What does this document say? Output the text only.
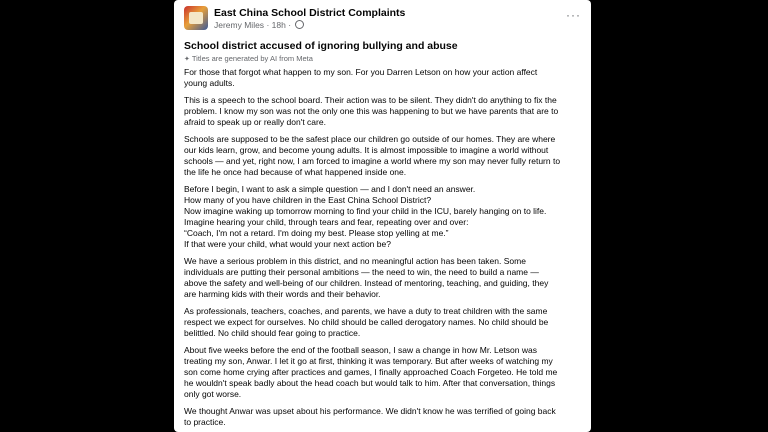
East China School District Complaints
Jeremy Miles · 18h ·
···
School district accused of ignoring bullying and abuse
✦ Titles are generated by AI from Meta

For those that forgot what happen to my son. For you Darren Letson on how your action affect
young adults.

This is a speech to the school board. Their action was to be silent. They didn't do anything to fix the
problem. I know my son was not the only one this was happening to but we have parents that are to
afraid to speak up or really don't care.

Schools are supposed to be the safest place our children go outside of our homes. They are where
our kids learn, grow, and become young adults. It is almost impossible to imagine a world without
schools — and yet, right now, I am forced to imagine a world where my son may never fully return to
the life he once had because of what happened inside one.

Before I begin, I want to ask a simple question — and I don't need an answer.
How many of you have children in the East China School District?
Now imagine waking up tomorrow morning to find your child in the ICU, barely hanging on to life.
Imagine hearing your child, through tears and fear, repeating over and over:
“Coach, I'm not a retard. I'm doing my best. Please stop yelling at me.”
If that were your child, what would your next action be?

We have a serious problem in this district, and no meaningful action has been taken. Some
individuals are putting their personal ambitions — the need to win, the need to build a name —
above the safety and well-being of our children. Instead of mentoring, teaching, and guiding, they
are harming kids with their words and their behavior.

As professionals, teachers, coaches, and parents, we have a duty to treat children with the same
respect we expect for ourselves. No child should be called derogatory names. No child should be
belittled. No child should fear going to practice.

About five weeks before the end of the football season, I saw a change in how Mr. Letson was
treating my son, Anwar. I let it go at first, thinking it was temporary. But after weeks of watching my
son come home crying after practices and games, I finally approached Coach Forgeteo. He told me
he wouldn't speak badly about the head coach but would talk to him. After that conversation, things
only got worse.

We thought Anwar was upset about his performance. We didn't know he was terrified of going back
to practice.
